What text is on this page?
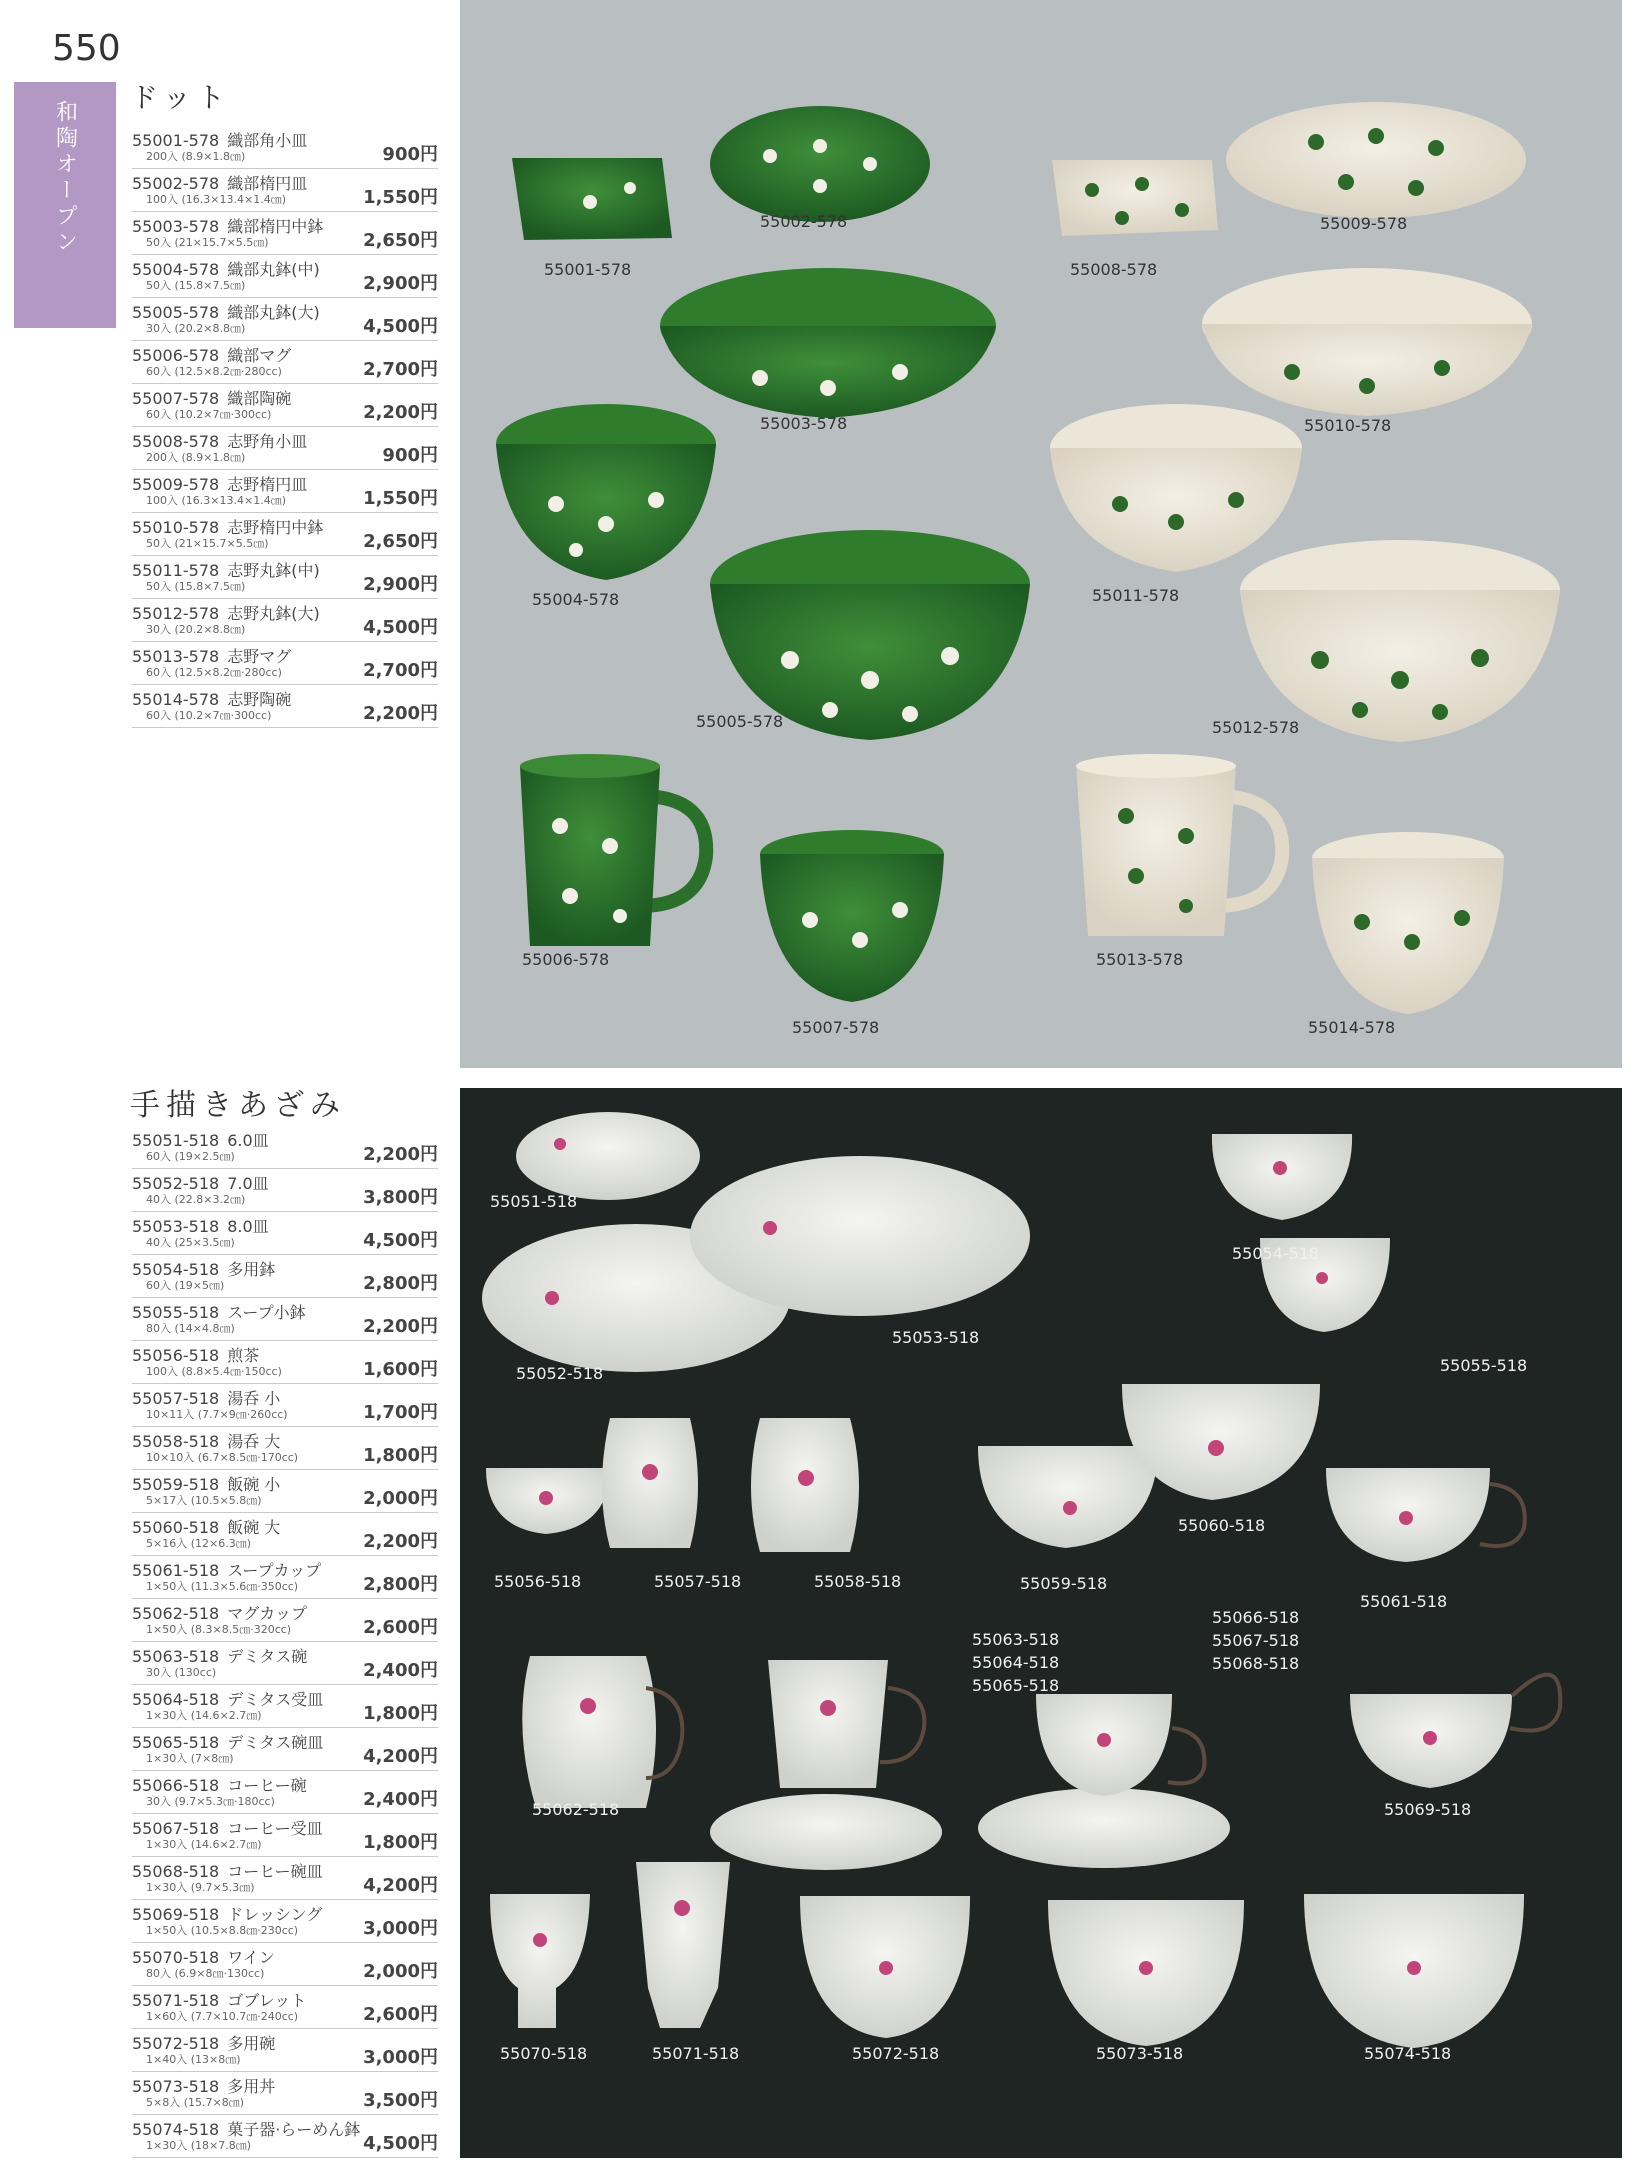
550
和陶オープン
ドット
55001-578 織部角小皿
200入 (8.9×1.8㎝)	900円
55002-578 織部楕円皿
100入 (16.3×13.4×1.4㎝)	1,550円
55003-578 織部楕円中鉢
50入 (21×15.7×5.5㎝)	2,650円
55004-578 織部丸鉢(中)
50入 (15.8×7.5㎝)	2,900円
55005-578 織部丸鉢(大)
30入 (20.2×8.8㎝)	4,500円
55006-578 織部マグ
60入 (12.5×8.2㎝·280cc)	2,700円
55007-578 織部陶碗
60入 (10.2×7㎝·300cc)	2,200円
55008-578 志野角小皿
200入 (8.9×1.8㎝)	900円
55009-578 志野楕円皿
100入 (16.3×13.4×1.4㎝)	1,550円
55010-578 志野楕円中鉢
50入 (21×15.7×5.5㎝)	2,650円
55011-578 志野丸鉢(中)
50入 (15.8×7.5㎝)	2,900円
55012-578 志野丸鉢(大)
30入 (20.2×8.8㎝)	4,500円
55013-578 志野マグ
60入 (12.5×8.2㎝·280cc)	2,700円
55014-578 志野陶碗
60入 (10.2×7㎝·300cc)	2,200円
手描きあざみ
55051-518 6.0皿
60入 (19×2.5㎝)	2,200円
55052-518 7.0皿
40入 (22.8×3.2㎝)	3,800円
55053-518 8.0皿
40入 (25×3.5㎝)	4,500円
55054-518 多用鉢
60入 (19×5㎝)	2,800円
55055-518 スープ小鉢
80入 (14×4.8㎝)	2,200円
55056-518 煎茶
100入 (8.8×5.4㎝·150cc)	1,600円
55057-518 湯呑 小
10×11入 (7.7×9㎝·260cc)	1,700円
55058-518 湯呑 大
10×10入 (6.7×8.5㎝·170cc)	1,800円
55059-518 飯碗 小
5×17入 (10.5×5.8㎝)	2,000円
55060-518 飯碗 大
5×16入 (12×6.3㎝)	2,200円
55061-518 スープカップ
1×50入 (11.3×5.6㎝·350cc)	2,800円
55062-518 マグカップ
1×50入 (8.3×8.5㎝·320cc)	2,600円
55063-518 デミタス碗
30入 (130cc)	2,400円
55064-518 デミタス受皿
1×30入 (14.6×2.7㎝)	1,800円
55065-518 デミタス碗皿
1×30入 (7×8㎝)	4,200円
55066-518 コーヒー碗
30入 (9.7×5.3㎝·180cc)	2,400円
55067-518 コーヒー受皿
1×30入 (14.6×2.7㎝)	1,800円
55068-518 コーヒー碗皿
1×30入 (9.7×5.3㎝)	4,200円
55069-518 ドレッシング
1×50入 (10.5×8.8㎝·230cc)	3,000円
55070-518 ワイン
80入 (6.9×8㎝·130cc)	2,000円
55071-518 ゴブレット
1×60入 (7.7×10.7㎝·240cc)	2,600円
55072-518 多用碗
1×40入 (13×8㎝)	3,000円
55073-518 多用丼
5×8入 (15.7×8㎝)	3,500円
55074-518 菓子器·らーめん鉢
1×30入 (18×7.8㎝)	4,500円
55001-578
55002-578
55003-578
55004-578
55005-578
55006-578
55007-578
55008-578
55009-578
55010-578
55011-578
55012-578
55013-578
55014-578
55051-518
55052-518
55053-518
55054-518
55055-518
55056-518	55057-518	55058-518	55059-518
55060-518
55061-518
55062-518	55069-518
55070-518	55071-518	55072-518	55073-518	55074-518
55063-518
55064-518
55065-518
55066-518
55067-518
55068-518
